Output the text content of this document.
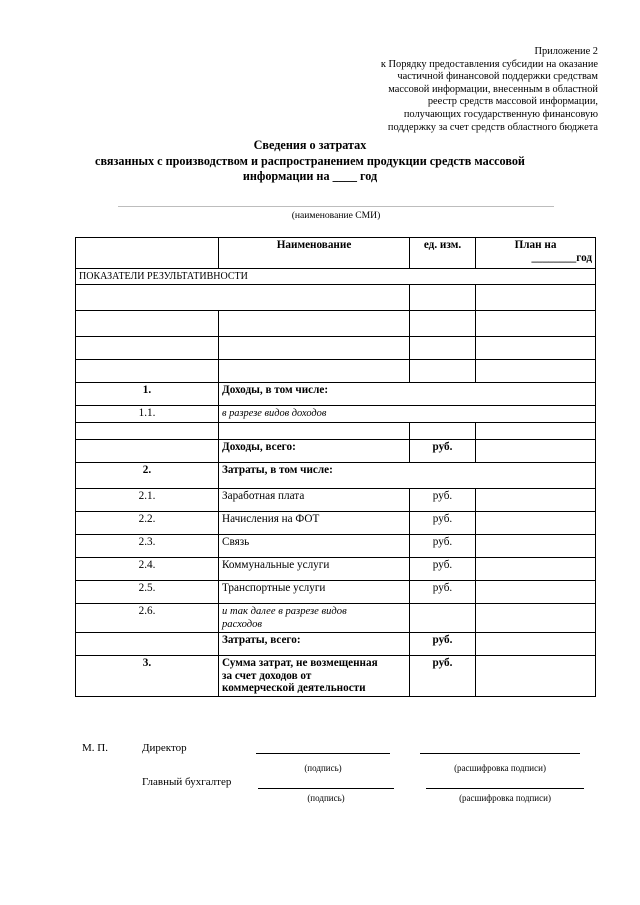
Приложение 2
к Порядку предоставления субсидии на оказание
частичной финансовой поддержки средствам
массовой информации, внесенным в областной
реестр средств массовой информации,
получающих государственную финансовую
поддержку за счет средств областного бюджета
Сведения о затратах
связанных с производством и распространением продукции средств массовой
информации на ____ год
(наименование СМИ)
	Наименование	ед. изм.	План на
________год

ПОКАЗАТЕЛИ РЕЗУЛЬТАТИВНОСТИ			

1.	Доходы, в том числе:		
1.1.	в разрезе видов доходов		

	Доходы, всего:	руб.	
2.	Затраты, в том числе:		
2.1.	Заработная плата	руб.	
2.2.	Начисления на ФОТ	руб.	
2.3.	Связь	руб.	
2.4.	Коммунальные услуги	руб.	
2.5.	Транспортные услуги	руб.	
2.6.	и так далее в разрезе видов
расходов		

	Затраты, всего:	руб.	
3.	Сумма затрат, не возмещенная
за счет доходов от
коммерческой деятельности	руб.	
М. П.	Директор
(подпись)	(расшифровка подписи)
Главный бухгалтер
(подпись)	(расшифровка подписи)
